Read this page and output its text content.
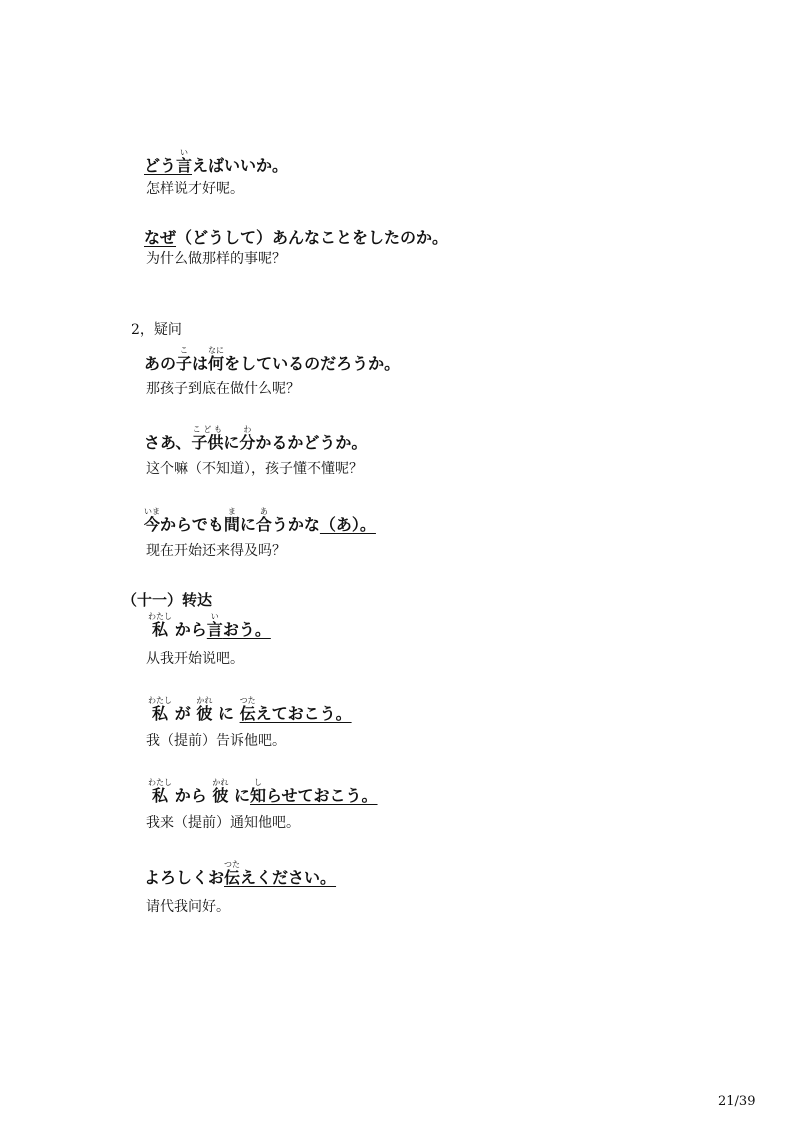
どう言いえばいいか。
怎样说才好呢。
なぜ（どうして）あんなことをしたのか。
为什么做那样的事呢？
2，疑问
あの子こは何なにをしているのだろうか。
那孩子到底在做什么呢？
さあ、子供こどもに分わかるかどうか。
这个嘛（不知道），孩子懂不懂呢？
今いまからでも間まに合あうかな（あ）。
现在开始还来得及吗？
（十一）转达
私わたし から言いおう。
从我开始说吧。
私わたし が 彼かれ に 伝つたえておこう。
我（提前）告诉他吧。
私わたし から 彼かれ に知しらせておこう。
我来（提前）通知他吧。
よろしくお伝つたえください。
请代我问好。
21/39
